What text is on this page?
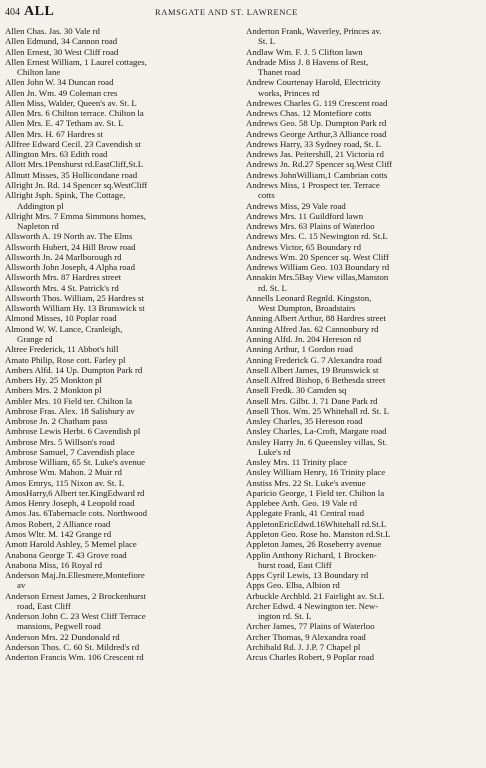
404 ALL	RAMSGATE AND ST. LAWRENCE
Allen Chas. Jas. 30 Vale rd
Allen Edmund, 34 Cannon road
Allen Ernest, 30 West Cliff road
Allen Ernest William, 1 Laurel cottages,
Chilton lane
Allen John W. 34 Duncan road
Allen Jn. Wm. 49 Coleman cres
Allen Miss, Walder, Queen's av. St. L
Allen Mrs. 6 Chilton terrace. Chilton la
Allen Mrs. E. 47 Tetham av. St. L
Allen Mrs. H. 67 Hardres st
Allfree Edward Cecil. 23 Cavendish st
Allington Mrs. 63 Edith road
Allott Mrs.1Penshurst rd.EastCliff,St.L
Allnutt Misses, 35 Hollicondane road
Allright Jn. Rd. 14 Spencer sq.WestCliff
Allright Jsph. Spink, The Cottage,
Addington pl
Allright Mrs. 7 Emma Simmons homes,
Napleton rd
Allsworth A. 19 North av. The Elms
Allsworth Hubert, 24 Hill Brow road
Allsworth Jn. 24 Marlborough rd
Allsworth John Joseph, 4 Alpha road
Allsworth Mrs. 87 Hardres street
Allsworth Mrs. 4 St. Patrick's rd
Allsworth Thos. William, 25 Hardres st
Allsworth William Hy. 13 Brunswick st
Almond Misses, 10 Poplar road
Almond W. W. Lance, Cranleigh,
Grange rd
Altree Frederick, 11 Abbot's hill
Amato Philip, Rose cott. Farley pl
Ambers Alfd. 14 Up. Dumpton Park rd
Ambers Hy. 25 Monkton pl
Ambers Mrs. 2 Monkton pl
Ambler Mrs. 10 Field ter. Chilton la
Ambrose Fras. Alex. 18 Salisbury av
Ambrose Jn. 2 Chatham pass
Ambrose Lewis Herbt. 6 Cavendish pl
Ambrose Mrs. 5 Willson's road
Ambrose Samuel, 7 Cavendish place
Ambrose William, 65 St. Luke's avenue
Ambrose Wm. Mahon. 2 Muir rd
Amos Emrys, 115 Nixon av. St. L
AmosHarry,6 Albert ter.KingEdward rd
Amos Henry Joseph, 4 Leopold road
Amos Jas. 6Tabernacle cots. Northwood
Amos Robert, 2 Alliance road
Amos Wltr. M. 142 Grange rd
Amott Harold Ashley, 5 Memel place
Anabona George T. 43 Grove road
Anabona Miss, 16 Royal rd
Anderson Maj.Jn.Ellesmere,Montefiore
av
Anderson Ernest James, 2 Brockenhurst
road, East Cliff
Anderson John C. 23 West Cliff Terrace
mansions, Pegwell road
Anderson Mrs. 22 Dundonald rd
Anderson Thos. C. 60 St. Mildred's rd
Anderton Francis Wm. 106 Crescent rd
Anderton Frank, Waverley, Princes av.
St. L
Andlaw Wm. F. J. 5 Clifton lawn
Andrade Miss J. 8 Havens of Rest,
Thanet road
Andrew Courtenay Harold, Electricity
works, Princes rd
Andrewes Charles G. 119 Crescent road
Andrews Chas. 12 Montefiore cotts
Andrews Geo. 58 Up. Dumpton Park rd
Andrews George Arthur,3 Alliance road
Andrews Harry, 33 Sydney road, St. L
Andrews Jas. Peitershill, 21 Victoria rd
Andrews Jn. Rd.27 Spencer sq.West Cliff
Andrews JohnWilliam,1 Cambrian cotts
Andrews Miss, 1 Prospect ter. Terrace
cotts
Andrews Miss, 29 Vale road
Andrews Mrs. 11 Guildford lawn
Andrews Mrs. 63 Plains of Waterloo
Andrews Mrs. C. 15 Newington rd. St.L
Andrews Victor, 65 Boundary rd
Andrews Wm. 20 Spencer sq. West Cliff
Andrews William Geo. 103 Boundary rd
Annakin Mrs.5Bay View villas,Manston
rd. St. L
Annells Leonard Regnld. Kingston,
West Dumpton, Broadstairs
Anning Albert Arthur, 88 Hardres street
Anning Alfred Jas. 62 Cannonbury rd
Anning Alfd. Jn. 204 Hereson rd
Anning Arthur, 1 Gordon road
Anning Frederick G. 7 Alexandra road
Ansell Albert James, 19 Brunswick st
Ansell Alfred Bishop, 6 Bethesda street
Ansell Fredk. 30 Camden sq
Ansell Mrs. Gilbt. J. 71 Dane Park rd
Ansell Thos. Wm. 25 Whitehall rd. St. L
Ansley Charles, 35 Hereson road
Ansley Charles, La-Croft, Margate road
Ansley Harry Jn. 6 Queensley villas, St.
Luke's rd
Ansley Mrs. 11 Trinity place
Ansley William Henry, 16 Trinity place
Anstiss Mrs. 22 St. Luke's avenue
Aparicio George, 1 Field ter. Chilton la
Applebee Arth. Geo. 19 Vale rd
Applegate Frank, 41 Central road
AppletonEricEdwd.16Whitehall rd.St.L
Appleton Geo. Rose ho. Manston rd.St.L
Appleton James, 26 Roseberry avenue
Applin Anthony Richard, 1 Brocken-
hurst road, East Cliff
Apps Cyril Lewis, 13 Boundary rd
Apps Geo. Elba, Albion rd
Arbuckle Archbld. 21 Fairlight av. St.L
Archer Edwd. 4 Newington ter. New-
ington rd. St. L
Archer James, 77 Plains of Waterloo
Archer Thomas, 9 Alexandra road
Archibald Rd. J. J.P. 7 Chapel pl
Arcus Charles Robert, 9 Poplar road
